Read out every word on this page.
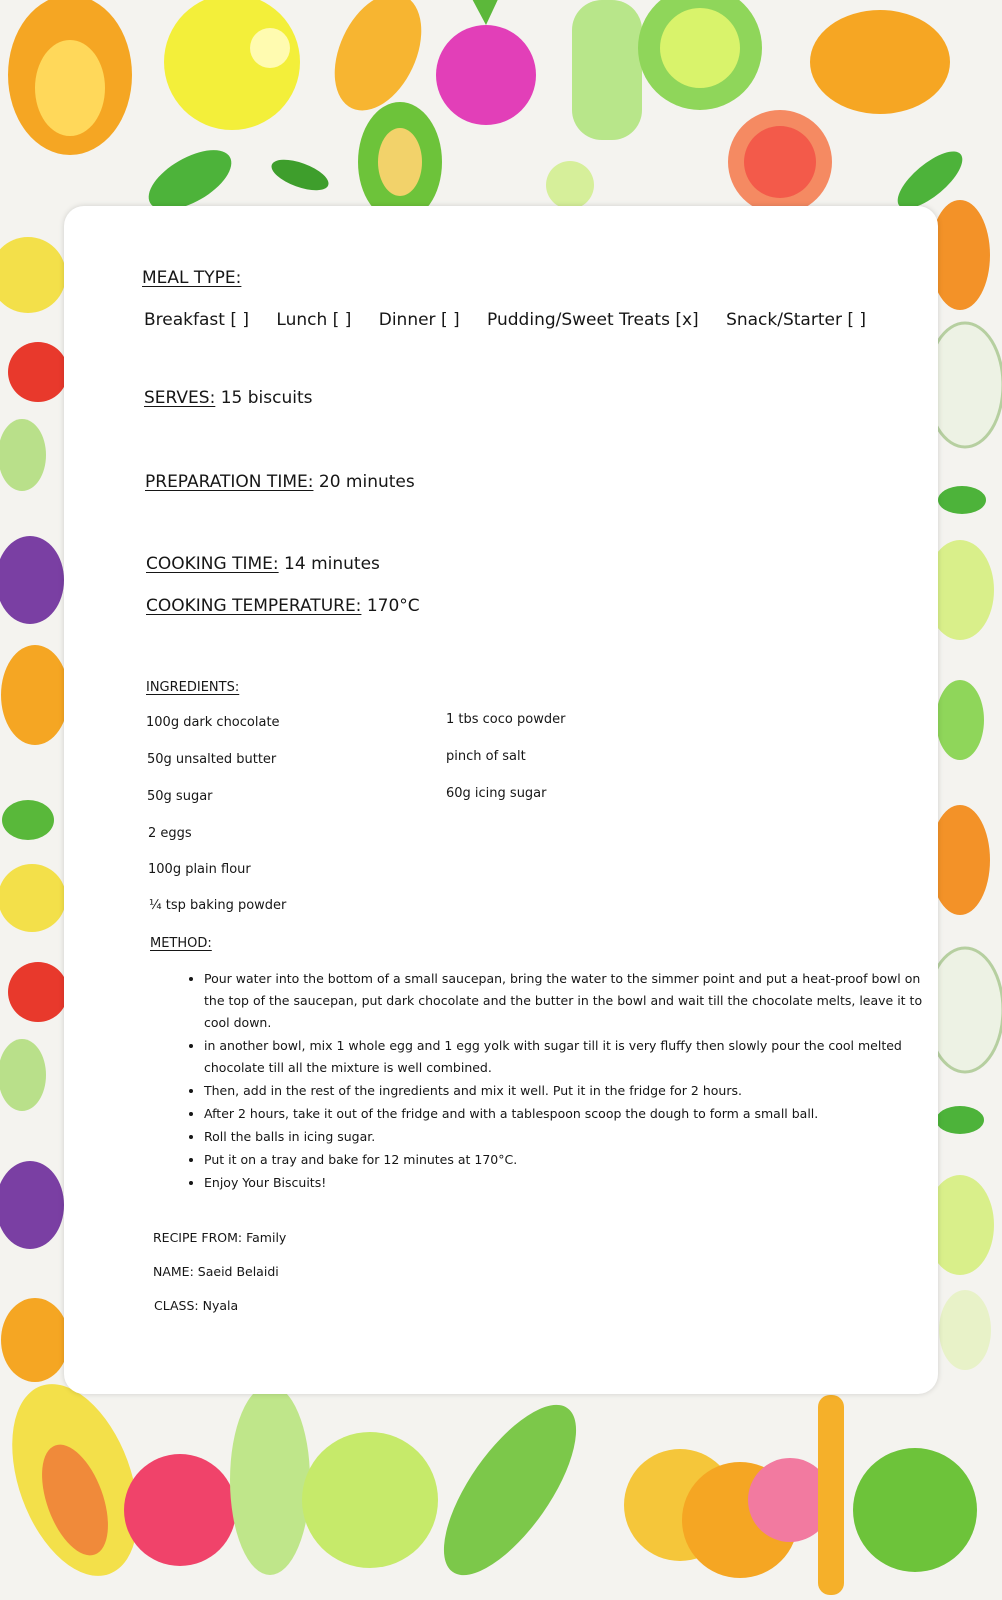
MEAL TYPE:
Breakfast [ ] Lunch [ ] Dinner [ ] Pudding/Sweet Treats [x] Snack/Starter [ ]
SERVES: 15 biscuits
PREPARATION TIME: 20 minutes
COOKING TIME: 14 minutes
COOKING TEMPERATURE: 170°C
INGREDIENTS:
100g dark chocolate
50g unsalted butter
50g sugar
2 eggs
100g plain flour
¼ tsp baking powder
1 tbs coco powder
pinch of salt
60g icing sugar
METHOD:
• Pour water into the bottom of a small saucepan, bring the water to the simmer point and put a heat-proof bowl on the top of the saucepan, put dark chocolate and the butter in the bowl and wait till the chocolate melts, leave it to cool down.
• in another bowl, mix 1 whole egg and 1 egg yolk with sugar till it is very fluffy then slowly pour the cool melted chocolate till all the mixture is well combined.
• Then, add in the rest of the ingredients and mix it well. Put it in the fridge for 2 hours.
• After 2 hours, take it out of the fridge and with a tablespoon scoop the dough to form a small ball.
• Roll the balls in icing sugar.
• Put it on a tray and bake for 12 minutes at 170°C.
• Enjoy Your Biscuits!
RECIPE FROM: Family
NAME: Saeid Belaidi
CLASS: Nyala
